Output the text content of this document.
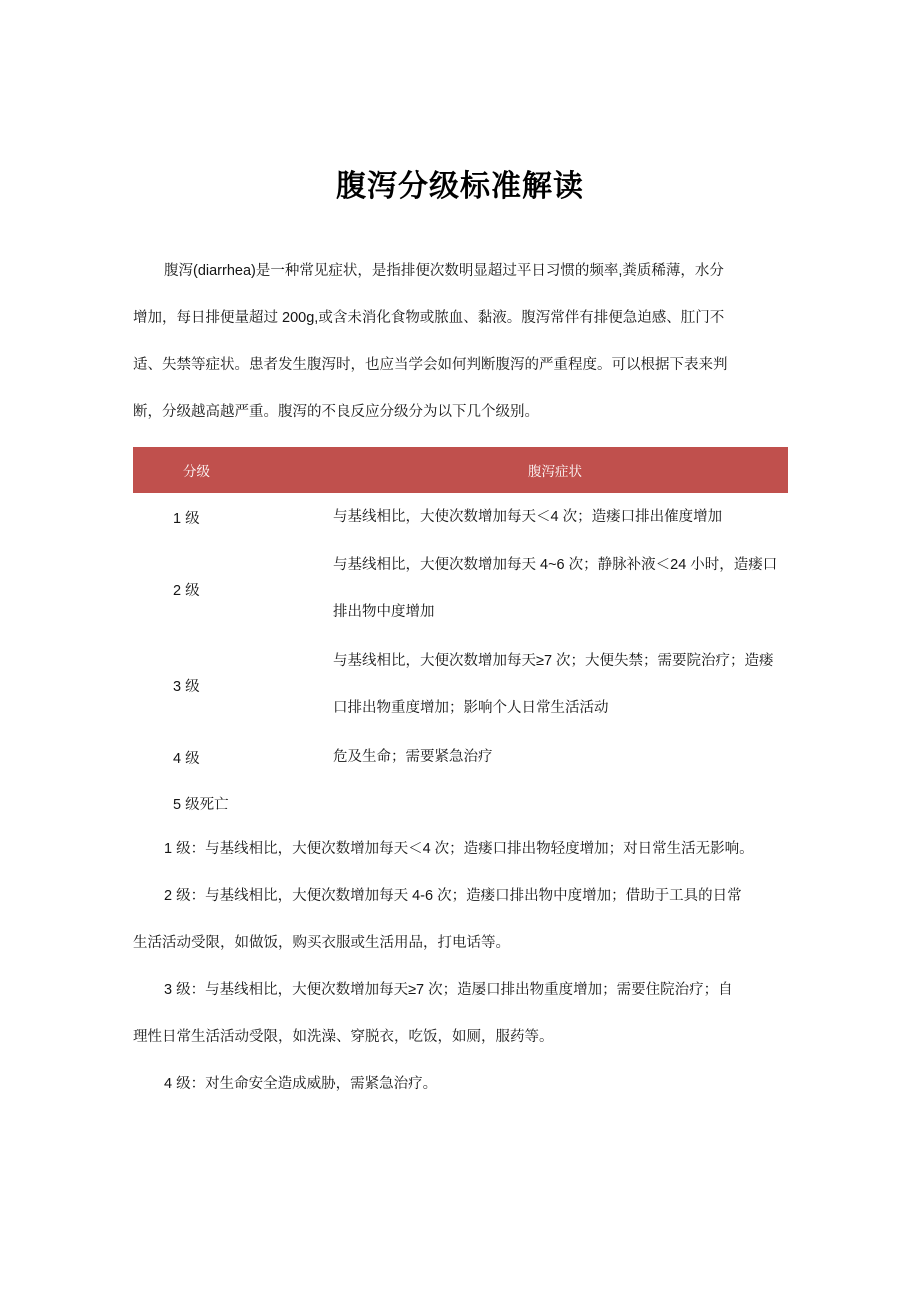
腹泻分级标准解读
腹泻(diarrhea)是一种常见症状，是指排便次数明显超过平日习惯的频率,粪质稀薄，水分
增加，每日排便量超过 200g,或含未消化食物或脓血、黏液。腹泻常伴有排便急迫感、肛门不
适、失禁等症状。患者发生腹泻时，也应当学会如何判断腹泻的严重程度。可以根据下表来判
断，分级越高越严重。腹泻的不良反应分级分为以下几个级别。
分级	腹泻症状
1 级	与基线相比，大使次数增加每天＜4 次；造瘘口排出傕度增加

2 级	与基线相比，大便次数增加每天 4~6 次；静脉补液＜24 小时，造瘘口
排出物中度增加

3 级	与基线相比，大便次数增加每天≥7 次；大便失禁；需要院治疗；造瘘
口排出物重度增加；影响个人日常生活活动

4 级	危及生命；需要紧急治疗

5 级死亡	

1 级：与基线相比，大便次数增加每天＜4 次；造瘘口排出物轻度增加；对日常生活无影响。

2 级：与基线相比，大便次数增加每天 4-6 次；造瘘口排出物中度增加；借助于工具的日常
生活活动受限，如做饭，购买衣服或生活用品，打电话等。

3 级：与基线相比，大便次数增加每天≥7 次；造屡口排出物重度增加；需要住院治疗；自
理性日常生活活动受限，如洗澡、穿脱衣，吃饭，如厕，服药等。

4 级：对生命安全造成威胁，需紧急治疗。
